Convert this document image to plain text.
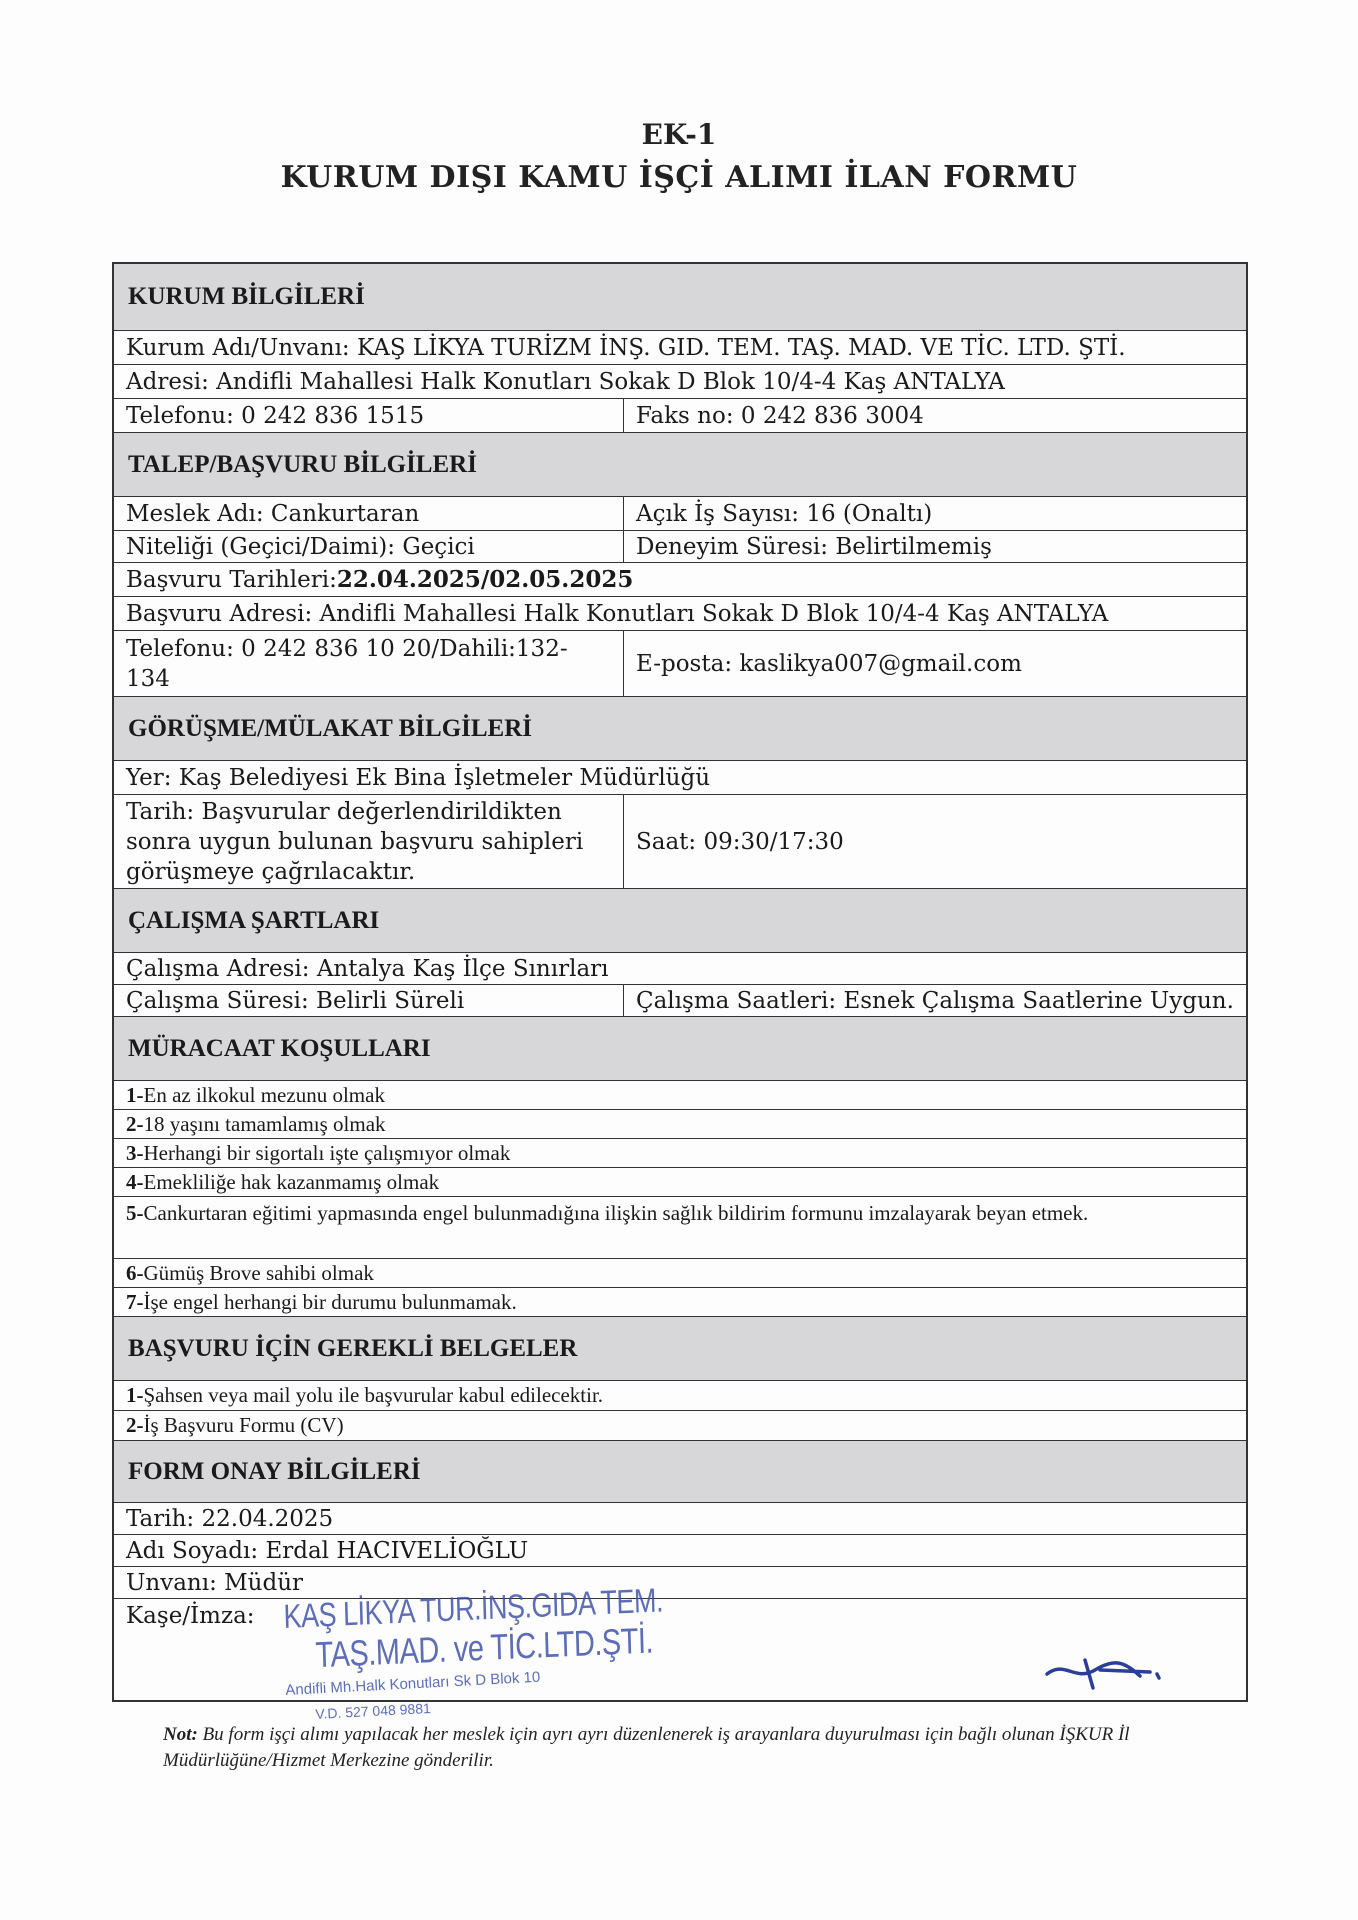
EK-1
KURUM DIŞI KAMU İŞÇİ ALIMI İLAN FORMU
KURUM BİLGİLERİ
Kurum Adı/Unvanı: KAŞ LİKYA TURİZM İNŞ. GID. TEM. TAŞ. MAD. VE TİC. LTD. ŞTİ.
Adresi: Andifli Mahallesi Halk Konutları Sokak D Blok 10/4-4 Kaş ANTALYA
Telefonu: 0 242 836 1515	Faks no: 0 242 836 3004
TALEP/BAŞVURU BİLGİLERİ
Meslek Adı: Cankurtaran	Açık İş Sayısı: 16 (Onaltı)
Niteliği (Geçici/Daimi): Geçici	Deneyim Süresi: Belirtilmemiş
Başvuru Tarihleri: 22.04.2025/02.05.2025
Başvuru Adresi: Andifli Mahallesi Halk Konutları Sokak D Blok 10/4-4 Kaş ANTALYA
Telefonu: 0 242 836 10 20/Dahili:132-134
E-posta: kaslikya007@gmail.com
GÖRÜŞME/MÜLAKAT BİLGİLERİ
Yer: Kaş Belediyesi Ek Bina İşletmeler Müdürlüğü
Tarih: Başvurular değerlendirildikten sonra uygun bulunan başvuru sahipleri görüşmeye çağrılacaktır.
Saat: 09:30/17:30
ÇALIŞMA ŞARTLARI
Çalışma Adresi: Antalya Kaş İlçe Sınırları
Çalışma Süresi: Belirli Süreli	Çalışma Saatleri: Esnek Çalışma Saatlerine Uygun.
MÜRACAAT KOŞULLARI
1- En az ilkokul mezunu olmak
2- 18 yaşını tamamlamış olmak
3- Herhangi bir sigortalı işte çalışmıyor olmak
4- Emekliliğe hak kazanmamış olmak
5-Cankurtaran eğitimi yapmasında engel bulunmadığına ilişkin sağlık bildirim formunu imzalayarak beyan etmek.
6- Gümüş Brove sahibi olmak
7- İşe engel herhangi bir durumu bulunmamak.
BAŞVURU İÇİN GEREKLİ BELGELER
1- Şahsen veya mail yolu ile başvurular kabul edilecektir.
2- İş Başvuru Formu (CV)
FORM ONAY BİLGİLERİ
Tarih: 22.04.2025
Adı Soyadı: Erdal HACIVELİOĞLU
Unvanı: Müdür
Kaşe/İmza:	KAŞ LİKYA TUR.İNŞ.GIDA TEM.
TAŞ.MAD. ve TİC.LTD.ŞTİ.
Andifli Mh.Halk Konutları Sk D Blok 10
V.D. 527 048 9881
Not: Bu form işçi alımı yapılacak her meslek için ayrı ayrı düzenlenerek iş arayanlara duyurulması için bağlı olunan İŞKUR İl Müdürlüğüne/Hizmet Merkezine gönderilir.
